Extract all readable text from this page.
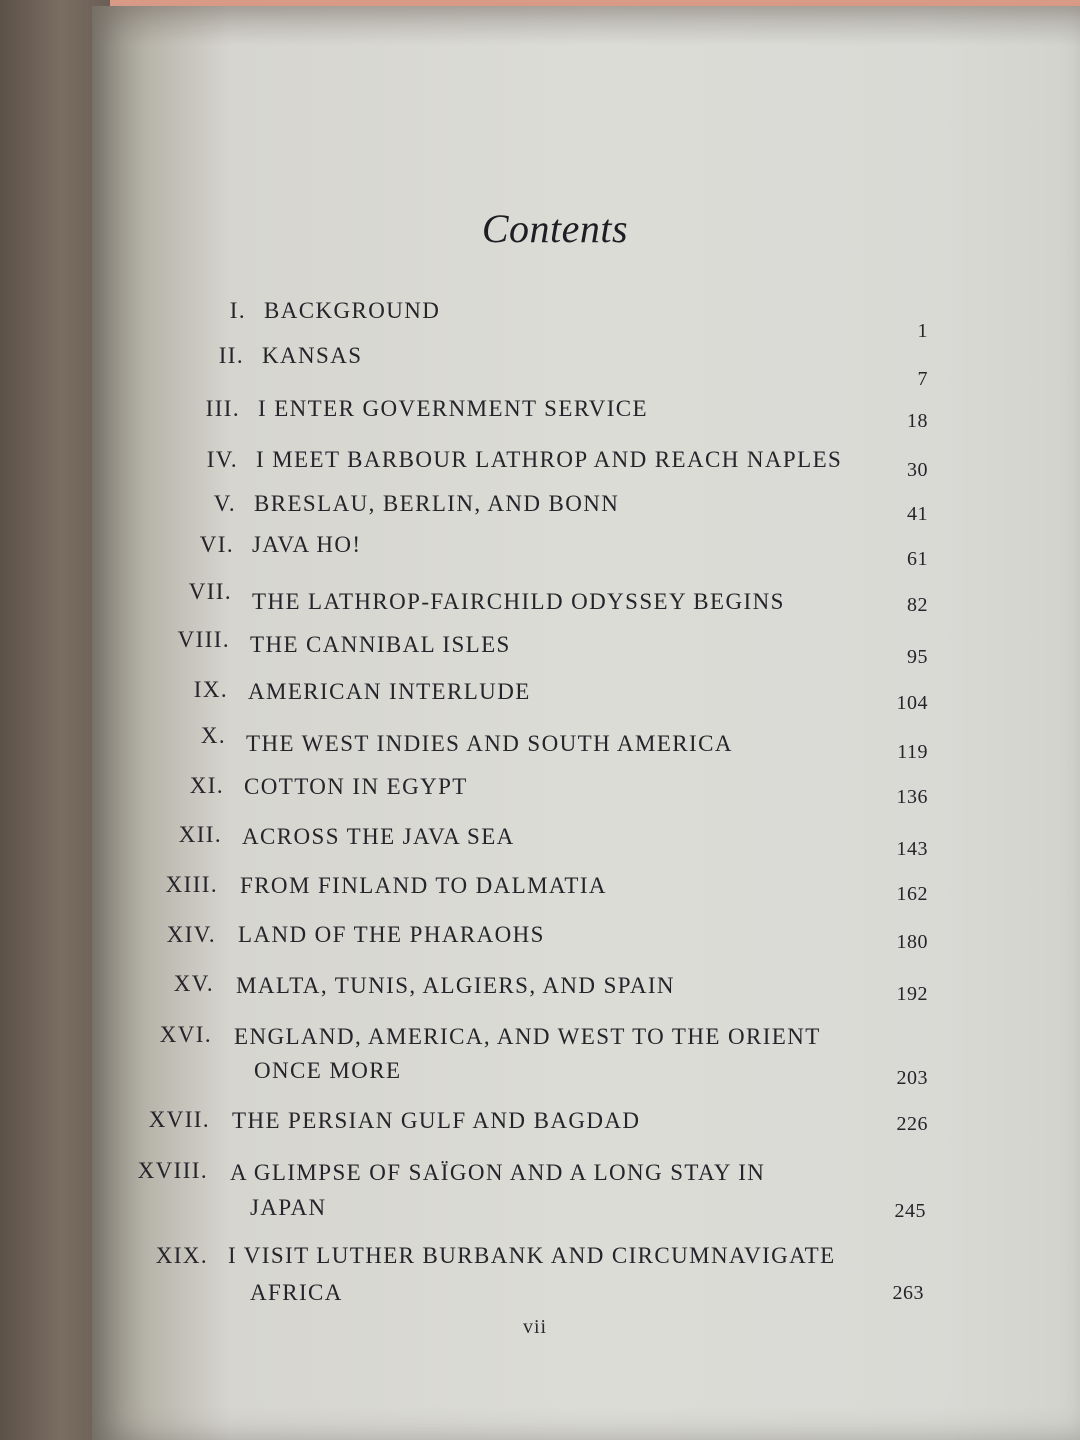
Contents
I. BACKGROUND
1
II. KANSAS
7
III. I ENTER GOVERNMENT SERVICE	18
IV. I MEET BARBOUR LATHROP AND REACH NAPLES	30
V. BRESLAU, BERLIN, AND BONN	41
VI. JAVA HO!
61
VII. THE LATHROP-FAIRCHILD ODYSSEY BEGINS	82
VIII. THE CANNIBAL ISLES	95
IX. AMERICAN INTERLUDE	104
X. THE WEST INDIES AND SOUTH AMERICA	119
XI. COTTON IN EGYPT	136
XII. ACROSS THE JAVA SEA	143
XIII. FROM FINLAND TO DALMATIA	162
XIV. LAND OF THE PHARAOHS	180
XV. MALTA, TUNIS, ALGIERS, AND SPAIN	192
XVI. ENGLAND, AMERICA, AND WEST TO THE ORIENT
ONCE MORE	203
XVII. THE PERSIAN GULF AND BAGDAD	226
XVIII. A GLIMPSE OF SAÏGON AND A LONG STAY IN
JAPAN	245
XIX. I VISIT LUTHER BURBANK AND CIRCUMNAVIGATE
AFRICA	263
vii
